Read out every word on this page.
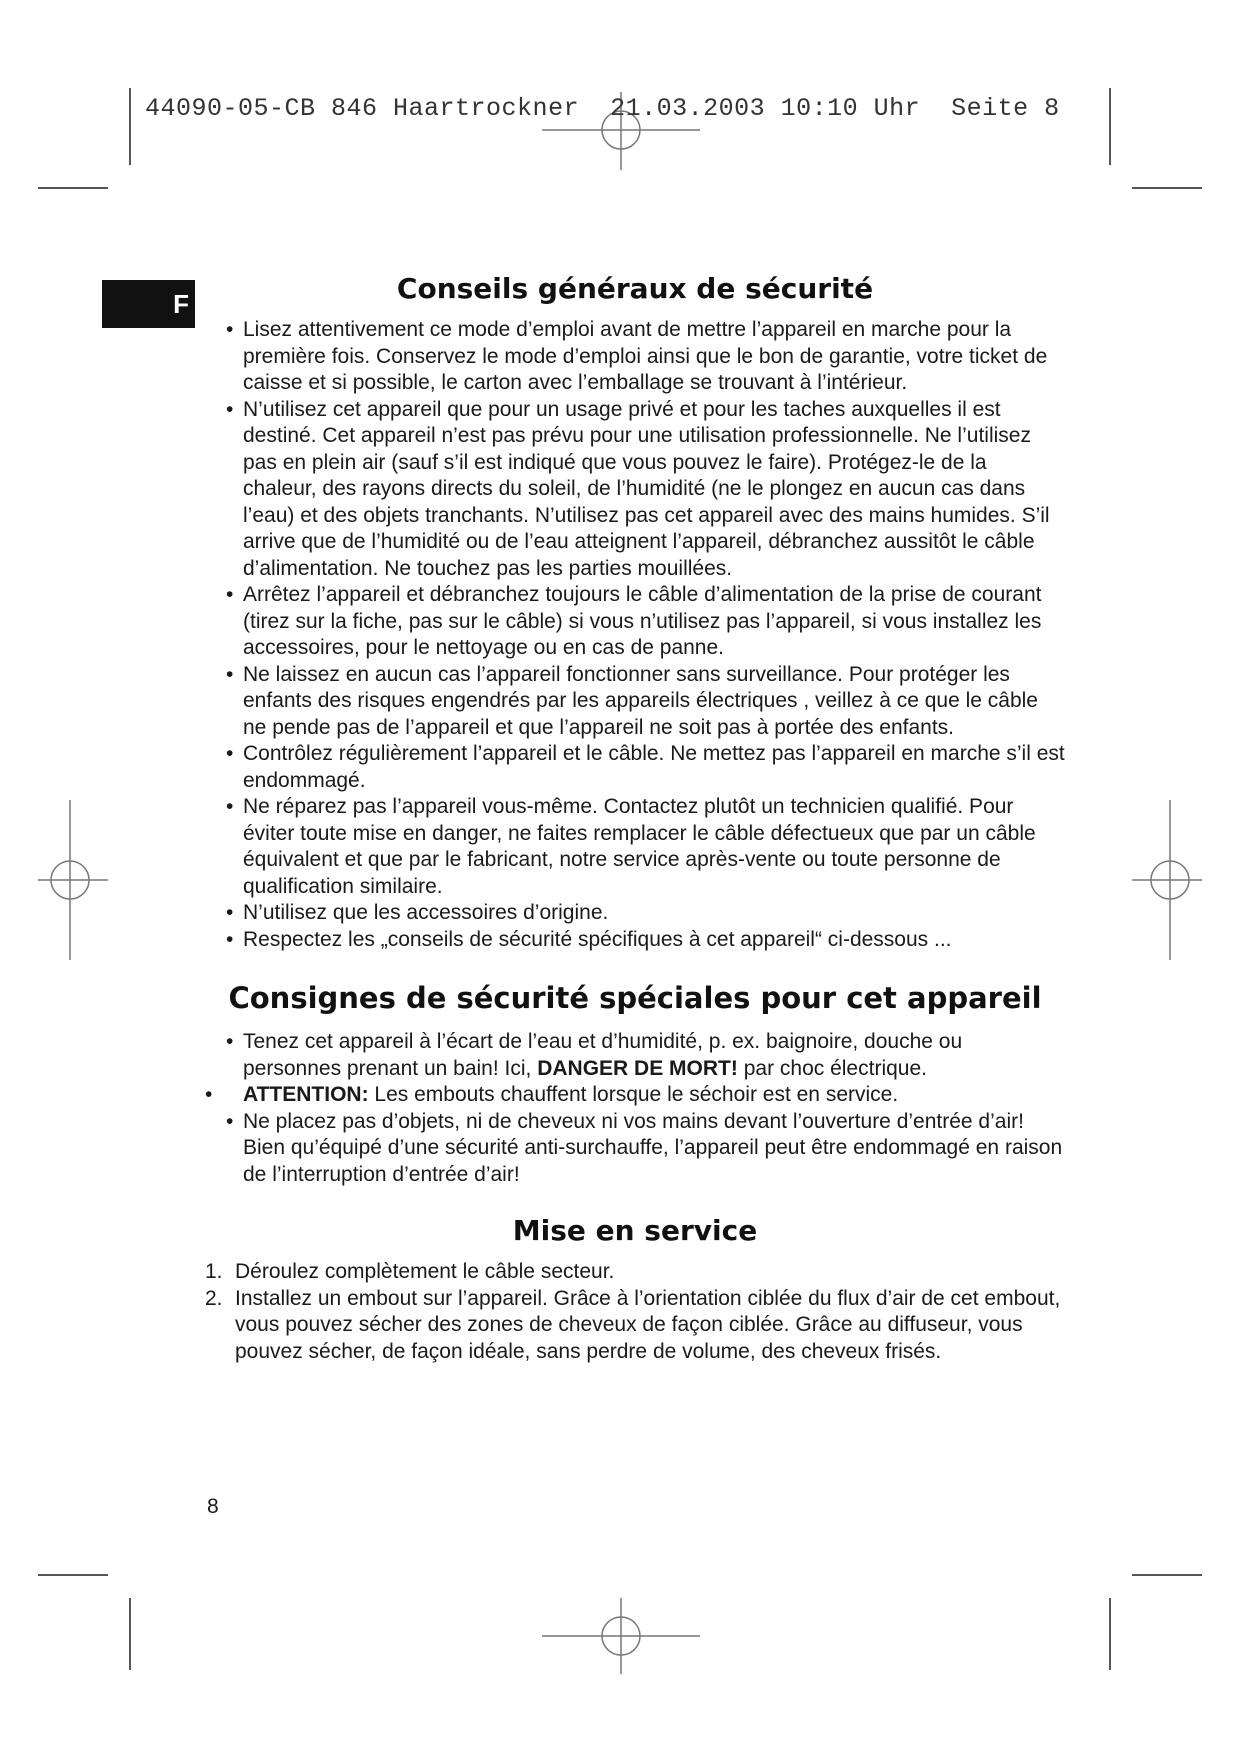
44090-05-CB 846 Haartrockner  21.03.2003 10:10 Uhr  Seite 8
F	Conseils généraux de sécurité
• Lisez attentivement ce mode d’emploi avant de mettre l’appareil en marche pour la première fois. Conservez le mode d’emploi ainsi que le bon de garantie, votre ticket de caisse et si possible, le carton avec l’emballage se trouvant à l’intérieur.
• N’utilisez cet appareil que pour un usage privé et pour les taches auxquelles il est destiné. Cet appareil n’est pas prévu pour une utilisation professionnelle. Ne l’utilisez pas en plein air (sauf s’il est indiqué que vous pouvez le faire). Protégez-le de la chaleur, des rayons directs du soleil, de l’humidité (ne le plongez en aucun cas dans l’eau) et des objets tranchants. N’utilisez pas cet appareil avec des mains humides. S’il arrive que de l’humidité ou de l’eau atteignent l’appareil, débranchez aussitôt le câble d’alimentation. Ne touchez pas les parties mouillées.
• Arrêtez l’appareil et débranchez toujours le câble d’alimentation de la prise de courant (tirez sur la fiche, pas sur le câble) si vous n’utilisez pas l’appareil, si vous installez les accessoires, pour le nettoyage ou en cas de panne.
• Ne laissez en aucun cas l’appareil fonctionner sans surveillance. Pour protéger les enfants des risques engendrés par les appareils électriques , veillez à ce que le câble ne pende pas de l’appareil et que l’appareil ne soit pas à portée des enfants.
• Contrôlez régulièrement l’appareil et le câble. Ne mettez pas l’appareil en marche s’il est endommagé.
• Ne réparez pas l’appareil vous-même. Contactez plutôt un technicien qualifié. Pour éviter toute mise en danger, ne faites remplacer le câble défectueux que par un câble équivalent et que par le fabricant, notre service après-vente ou toute personne de qualification similaire.
• N’utilisez que les accessoires d’origine.
• Respectez les „conseils de sécurité spécifiques à cet appareil“ ci-dessous ...
Consignes de sécurité spéciales pour cet appareil
• Tenez cet appareil à l’écart de l’eau et d’humidité, p. ex. baignoire, douche ou personnes prenant un bain! Ici, DANGER DE MORT! par choc électrique.
• ATTENTION: Les embouts chauffent lorsque le séchoir est en service.
• Ne placez pas d’objets, ni de cheveux ni vos mains devant l’ouverture d’entrée d’air! Bien qu’équipé d’une sécurité anti-surchauffe, l’appareil peut être endommagé en raison de l’interruption d’entrée d’air!
Mise en service
1. Déroulez complètement le câble secteur.
2. Installez un embout sur l’appareil. Grâce à l’orientation ciblée du flux d’air de cet embout, vous pouvez sécher des zones de cheveux de façon ciblée. Grâce au diffuseur, vous pouvez sécher, de façon idéale, sans perdre de volume, des cheveux frisés.
8
